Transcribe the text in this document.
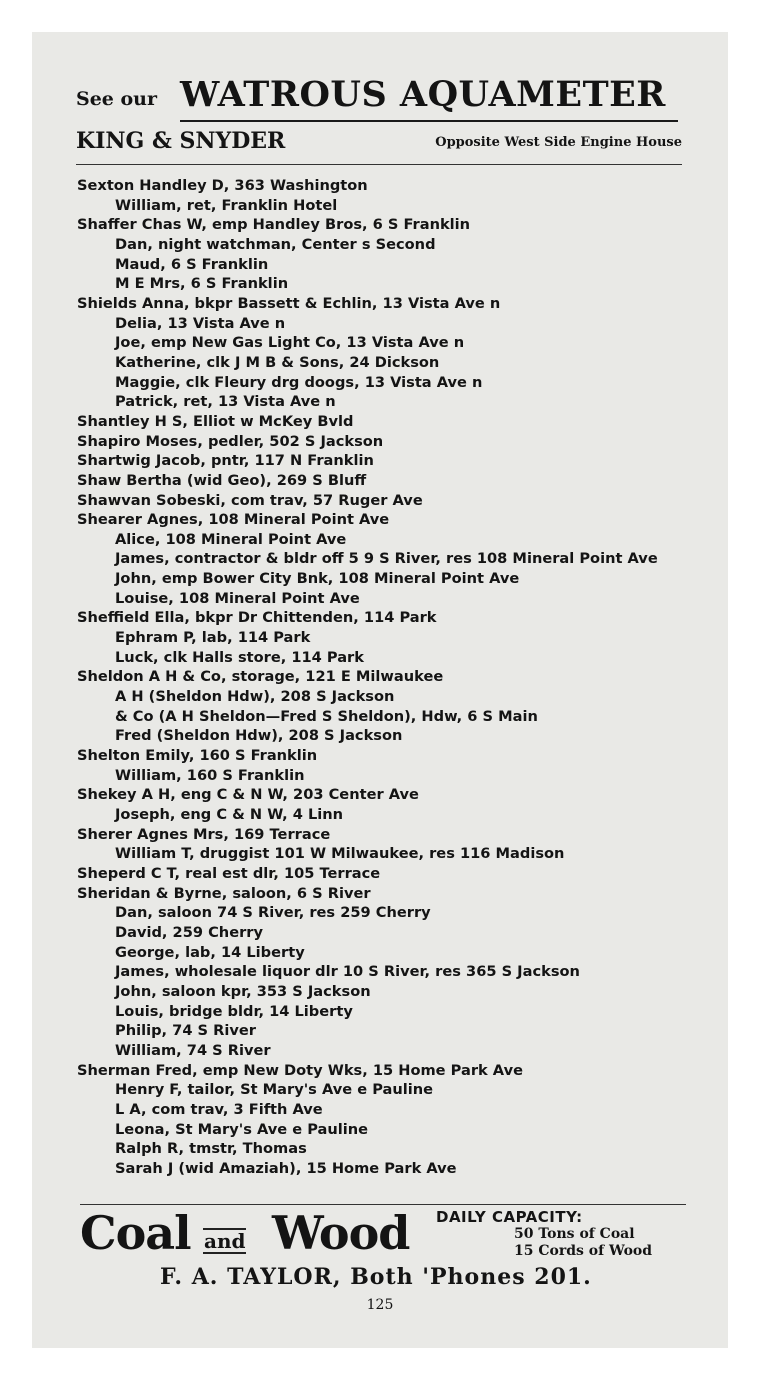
See our WATROUS AQUAMETER
KING & SNYDER	Opposite West Side Engine House
Sexton Handley D, 363 Washington
William, ret, Franklin Hotel
Shaffer Chas W, emp Handley Bros, 6 S Franklin
Dan, night watchman, Center s Second
Maud, 6 S Franklin
M E Mrs, 6 S Franklin
Shields Anna, bkpr Bassett & Echlin, 13 Vista Ave n
Delia, 13 Vista Ave n
Joe, emp New Gas Light Co, 13 Vista Ave n
Katherine, clk J M B & Sons, 24 Dickson
Maggie, clk Fleury drg doogs, 13 Vista Ave n
Patrick, ret, 13 Vista Ave n
Shantley H S, Elliot w McKey Bvld
Shapiro Moses, pedler, 502 S Jackson
Shartwig Jacob, pntr, 117 N Franklin
Shaw Bertha (wid Geo), 269 S Bluff
Shawvan Sobeski, com trav, 57 Ruger Ave
Shearer Agnes, 108 Mineral Point Ave
Alice, 108 Mineral Point Ave
James, contractor & bldr off 5 9 S River, res 108 Mineral Point Ave
John, emp Bower City Bnk, 108 Mineral Point Ave
Louise, 108 Mineral Point Ave
Sheffield Ella, bkpr Dr Chittenden, 114 Park
Ephram P, lab, 114 Park
Luck, clk Halls store, 114 Park
Sheldon A H & Co, storage, 121 E Milwaukee
A H (Sheldon Hdw), 208 S Jackson
& Co (A H Sheldon—Fred S Sheldon), Hdw, 6 S Main
Fred (Sheldon Hdw), 208 S Jackson
Shelton Emily, 160 S Franklin
William, 160 S Franklin
Shekey A H, eng C & N W, 203 Center Ave
Joseph, eng C & N W, 4 Linn
Sherer Agnes Mrs, 169 Terrace
William T, druggist 101 W Milwaukee, res 116 Madison
Sheperd C T, real est dlr, 105 Terrace
Sheridan & Byrne, saloon, 6 S River
Dan, saloon 74 S River, res 259 Cherry
David, 259 Cherry
George, lab, 14 Liberty
James, wholesale liquor dlr 10 S River, res 365 S Jackson
John, saloon kpr, 353 S Jackson
Louis, bridge bldr, 14 Liberty
Philip, 74 S River
William, 74 S River
Sherman Fred, emp New Doty Wks, 15 Home Park Ave
Henry F, tailor, St Mary's Ave e Pauline
L A, com trav, 3 Fifth Ave
Leona, St Mary's Ave e Pauline
Ralph R, tmstr, Thomas
Sarah J (wid Amaziah), 15 Home Park Ave
Coal and Wood DAILY CAPACITY:
50 Tons of Coal
15 Cords of Wood
F. A. TAYLOR, Both 'Phones 201.
125
